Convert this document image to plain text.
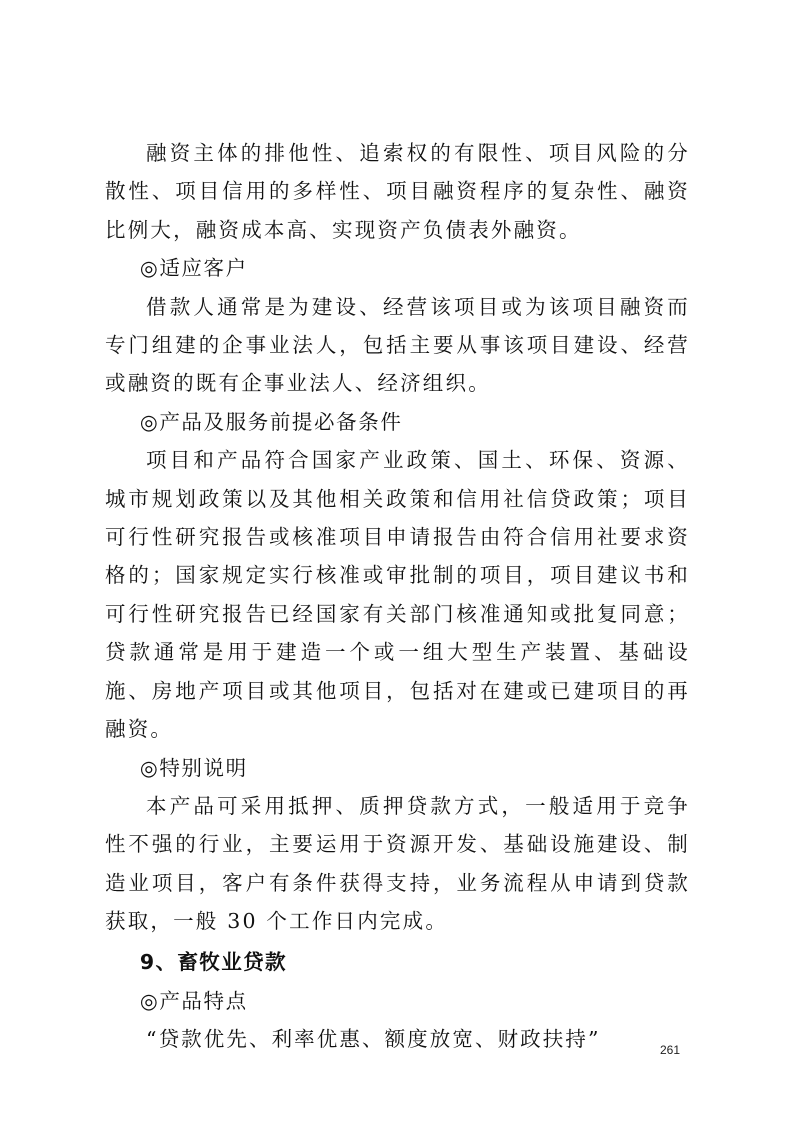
融资主体的排他性、追索权的有限性、项目风险的分散性、项目信用的多样性、项目融资程序的复杂性、融资比例大，融资成本高、实现资产负债表外融资。

◎适应客户

借款人通常是为建设、经营该项目或为该项目融资而专门组建的企事业法人，包括主要从事该项目建设、经营或融资的既有企事业法人、经济组织。

◎产品及服务前提必备条件

项目和产品符合国家产业政策、国土、环保、资源、城市规划政策以及其他相关政策和信用社信贷政策；项目可行性研究报告或核准项目申请报告由符合信用社要求资格的；国家规定实行核准或审批制的项目，项目建议书和可行性研究报告已经国家有关部门核准通知或批复同意；贷款通常是用于建造一个或一组大型生产装置、基础设施、房地产项目或其他项目，包括对在建或已建项目的再融资。

◎特别说明

本产品可采用抵押、质押贷款方式，一般适用于竞争性不强的行业，主要运用于资源开发、基础设施建设、制造业项目，客户有条件获得支持，业务流程从申请到贷款获取，一般 30 个工作日内完成。

9、畜牧业贷款

◎产品特点

“贷款优先、利率优惠、额度放宽、财政扶持”	261
